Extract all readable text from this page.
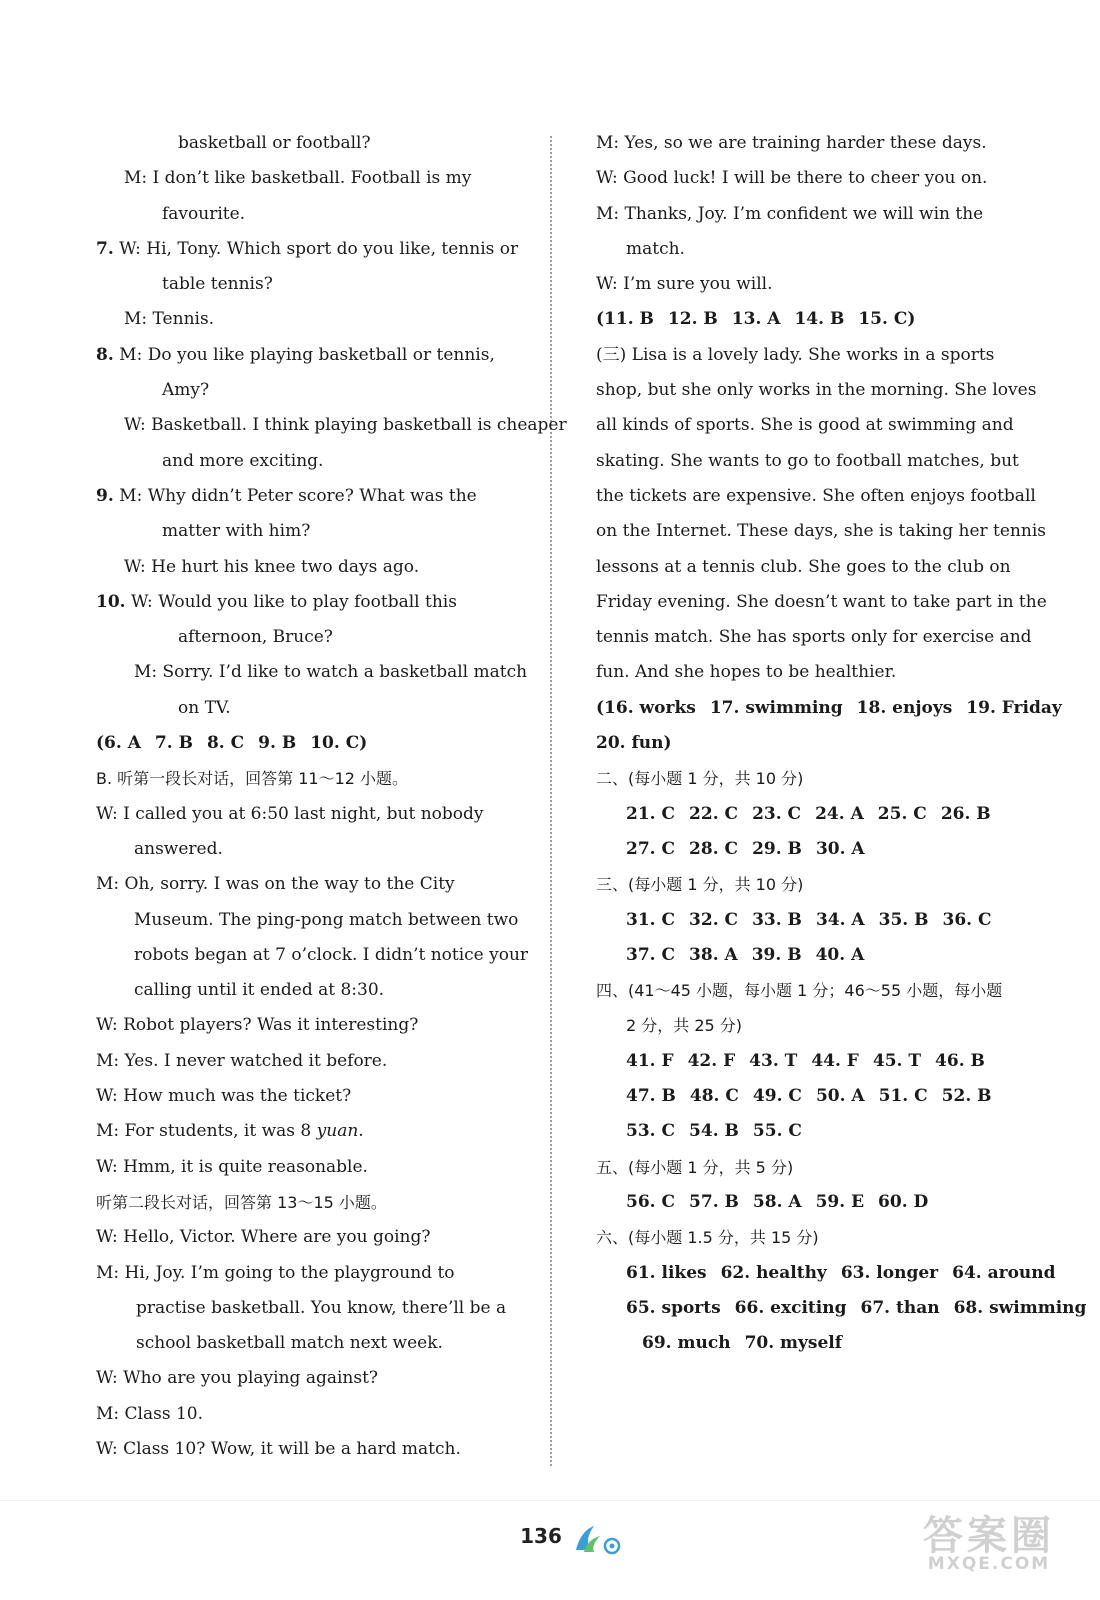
basketball or football?
M: I don’t like basketball. Football is my
favourite.
7. W: Hi, Tony. Which sport do you like, tennis or
table tennis?
M: Tennis.
8. M: Do you like playing basketball or tennis,
Amy?
W: Basketball. I think playing basketball is cheaper
and more exciting.
9. M: Why didn’t Peter score? What was the
matter with him?
W: He hurt his knee two days ago.
10. W: Would you like to play football this
afternoon, Bruce?
M: Sorry. I’d like to watch a basketball match
on TV.
(6. A 7. B 8. C 9. B 10. C)
B. 听第一段长对话，回答第 11～12 小题。
W: I called you at 6:50 last night, but nobody
answered.
M: Oh, sorry. I was on the way to the City
Museum. The ping-pong match between two
robots began at 7 o’clock. I didn’t notice your
calling until it ended at 8:30.
W: Robot players? Was it interesting?
M: Yes. I never watched it before.
W: How much was the ticket?
M: For students, it was 8 yuan.
W: Hmm, it is quite reasonable.
听第二段长对话，回答第 13～15 小题。
W: Hello, Victor. Where are you going?
M: Hi, Joy. I’m going to the playground to
practise basketball. You know, there’ll be a
school basketball match next week.
W: Who are you playing against?
M: Class 10.
W: Class 10? Wow, it will be a hard match.
M: Yes, so we are training harder these days.
W: Good luck! I will be there to cheer you on.
M: Thanks, Joy. I’m confident we will win the
match.
W: I’m sure you will.
(11. B 12. B 13. A 14. B 15. C)
(三) Lisa is a lovely lady. She works in a sports
shop, but she only works in the morning. She loves
all kinds of sports. She is good at swimming and
skating. She wants to go to football matches, but
the tickets are expensive. She often enjoys football
on the Internet. These days, she is taking her tennis
lessons at a tennis club. She goes to the club on
Friday evening. She doesn’t want to take part in the
tennis match. She has sports only for exercise and
fun. And she hopes to be healthier.
(16. works 17. swimming 18. enjoys 19. Friday
20. fun)
二、(每小题 1 分，共 10 分)
21. C 22. C 23. C 24. A 25. C 26. B
27. C 28. C 29. B 30. A
三、(每小题 1 分，共 10 分)
31. C 32. C 33. B 34. A 35. B 36. C
37. C 38. A 39. B 40. A
四、(41～45 小题，每小题 1 分；46～55 小题，每小题
2 分，共 25 分)
41. F 42. F 43. T 44. F 45. T 46. B
47. B 48. C 49. C 50. A 51. C 52. B
53. C 54. B 55. C
五、(每小题 1 分，共 5 分)
56. C 57. B 58. A 59. E 60. D
六、(每小题 1.5 分，共 15 分)
61. likes 62. healthy 63. longer 64. around
65. sports 66. exciting 67. than 68. swimming
69. much 70. myself
136	答案圈
MXQE.COM
